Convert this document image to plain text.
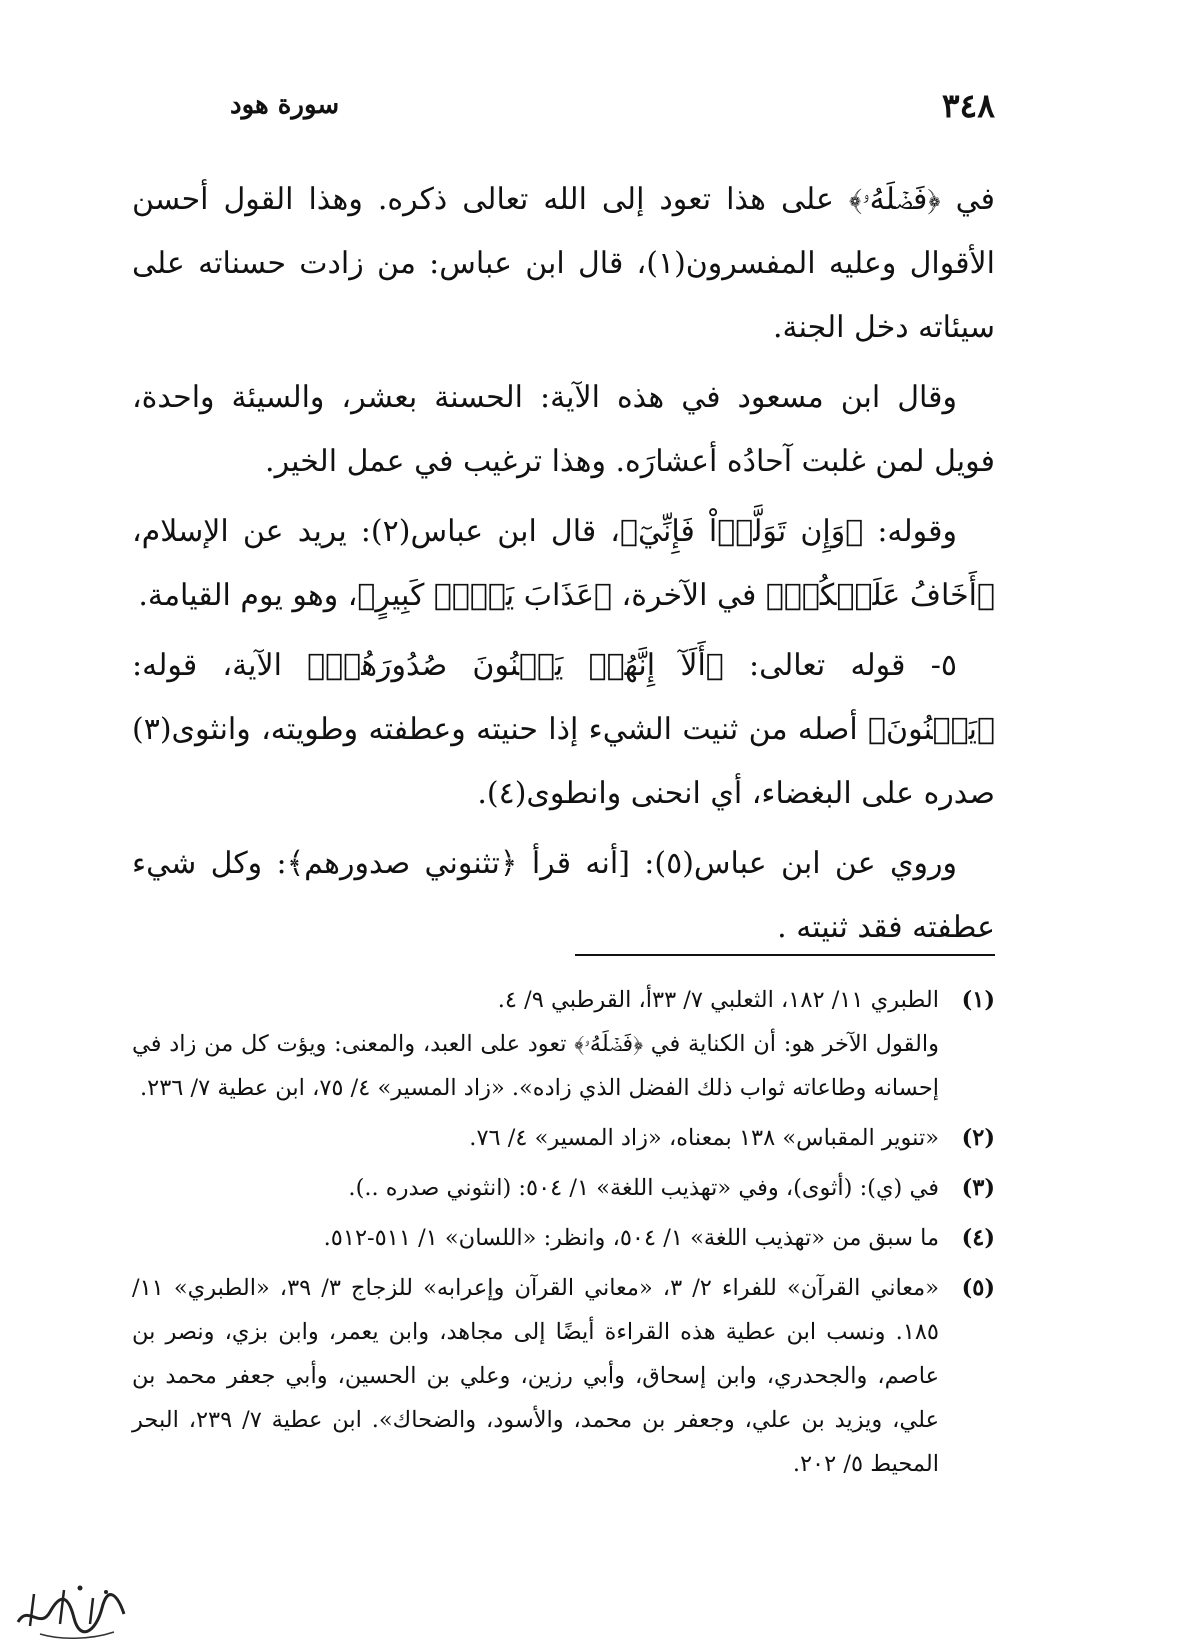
٣٤٨
سورة هود

في ﴿فَضۡلَهُۥ﴾ على هذا تعود إلى الله تعالى ذكره. وهذا القول أحسن الأقوال وعليه المفسرون(١)، قال ابن عباس: من زادت حسناته على سيئاته دخل الجنة.

وقال ابن مسعود في هذه الآية: الحسنة بعشر، والسيئة واحدة، فويل لمن غلبت آحادُه أعشارَه. وهذا ترغيب في عمل الخير.

وقوله: ﴿وَإِن تَوَلَّوۡاْ فَإِنِّيٓ﴾، قال ابن عباس(٢): يريد عن الإسلام، ﴿أَخَافُ عَلَيۡكُمۡ﴾ في الآخرة، ﴿عَذَابَ يَوۡمٖ كَبِيرٍ﴾، وهو يوم القيامة.

٥- قوله تعالى: ﴿أَلَآ إِنَّهُمۡ يَثۡنُونَ صُدُورَهُمۡ﴾ الآية، قوله: ﴿يَثۡنُونَ﴾ أصله من ثنيت الشيء إذا حنيته وعطفته وطويته، وانثوى(٣) صدره على البغضاء، أي انحنى وانطوى(٤).

وروي عن ابن عباس(٥): [أنه قرأ ﴿تثنوني صدورهم﴾: وكل شيء عطفته فقد ثنيته .

(١)

الطبري ١١/ ١٨٢، الثعلبي ٧/ ٣٣أ، القرطبي ٩/ ٤.

والقول الآخر هو: أن الكناية في ﴿فَضۡلَهُۥ﴾ تعود على العبد، والمعنى: ويؤت كل من زاد في إحسانه وطاعاته ثواب ذلك الفضل الذي زاده». «زاد المسير» ٤/ ٧٥، ابن عطية ٧/ ٢٣٦.

(٢)

«تنوير المقباس» ١٣٨ بمعناه، «زاد المسير» ٤/ ٧٦.

(٣)

في (ي): (أثوى)، وفي «تهذيب اللغة» ١/ ٥٠٤: (انثوني صدره ..).

(٤)

ما سبق من «تهذيب اللغة» ١/ ٥٠٤، وانظر: «اللسان» ١/ ٥١١-٥١٢.

(٥)

«معاني القرآن» للفراء ٢/ ٣، «معاني القرآن وإعرابه» للزجاج ٣/ ٣٩، «الطبري» ١١/ ١٨٥. ونسب ابن عطية هذه القراءة أيضًا إلى مجاهد، وابن يعمر، وابن بزي، ونصر بن عاصم، والجحدري، وابن إسحاق، وأبي رزين، وعلي بن الحسين، وأبي جعفر محمد بن علي، ويزيد بن علي، وجعفر بن محمد، والأسود، والضحاك». ابن عطية ٧/ ٢٣٩، البحر المحيط ٥/ ٢٠٢.
